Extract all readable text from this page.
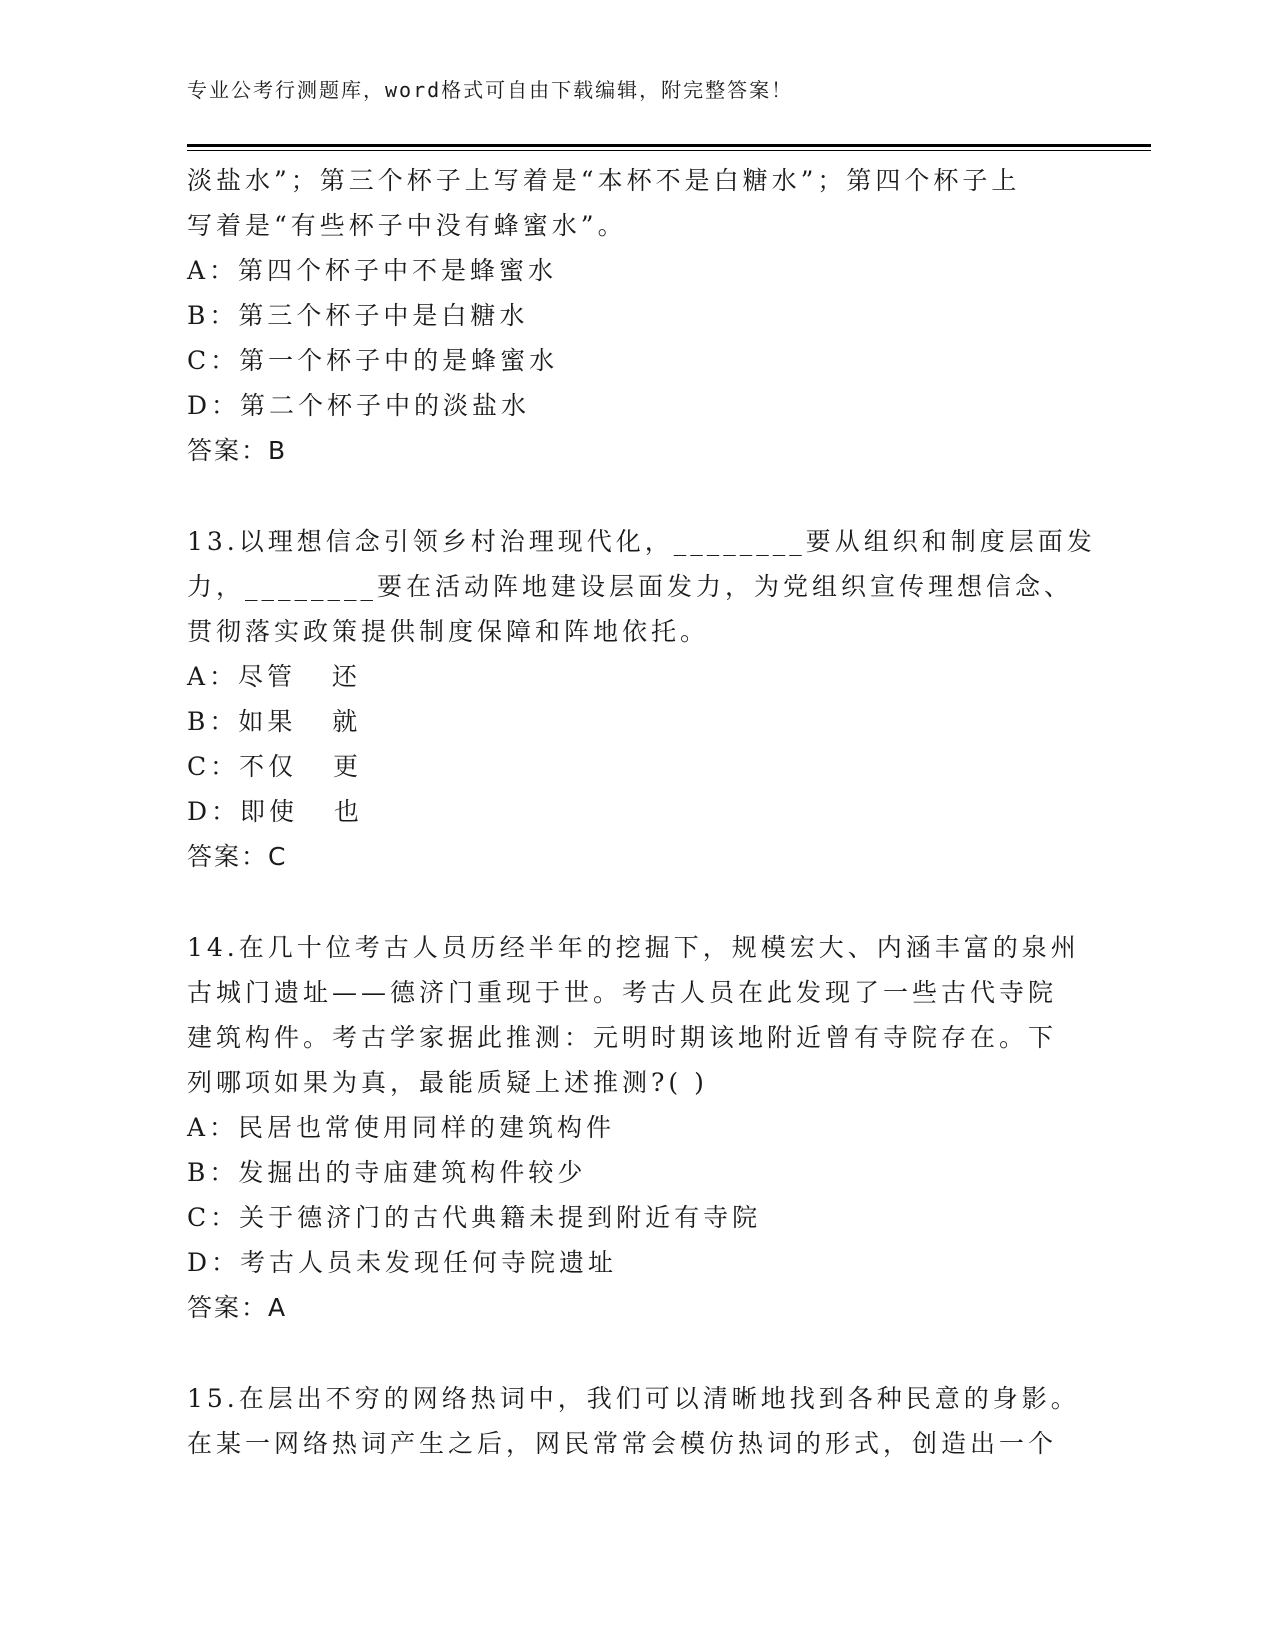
专业公考行测题库，word格式可自由下载编辑，附完整答案！
淡盐水”；第三个杯子上写着是“本杯不是白糖水”；第四个杯子上
写着是“有些杯子中没有蜂蜜水”。
A：第四个杯子中不是蜂蜜水
B：第三个杯子中是白糖水
C：第一个杯子中的是蜂蜜水
D：第二个杯子中的淡盐水
答案：B
13.以理想信念引领乡村治理现代化，________要从组织和制度层面发
力，________要在活动阵地建设层面发力，为党组织宣传理想信念、
贯彻落实政策提供制度保障和阵地依托。
A：尽管   还
B：如果   就
C：不仅   更
D：即使   也
答案：C
14.在几十位考古人员历经半年的挖掘下，规模宏大、内涵丰富的泉州
古城门遗址——德济门重现于世。考古人员在此发现了一些古代寺院
建筑构件。考古学家据此推测：元明时期该地附近曾有寺院存在。下
列哪项如果为真，最能质疑上述推测?( )
A：民居也常使用同样的建筑构件
B：发掘出的寺庙建筑构件较少
C：关于德济门的古代典籍未提到附近有寺院
D：考古人员未发现任何寺院遗址
答案：A
15.在层出不穷的网络热词中，我们可以清晰地找到各种民意的身影。
在某一网络热词产生之后，网民常常会模仿热词的形式，创造出一个
